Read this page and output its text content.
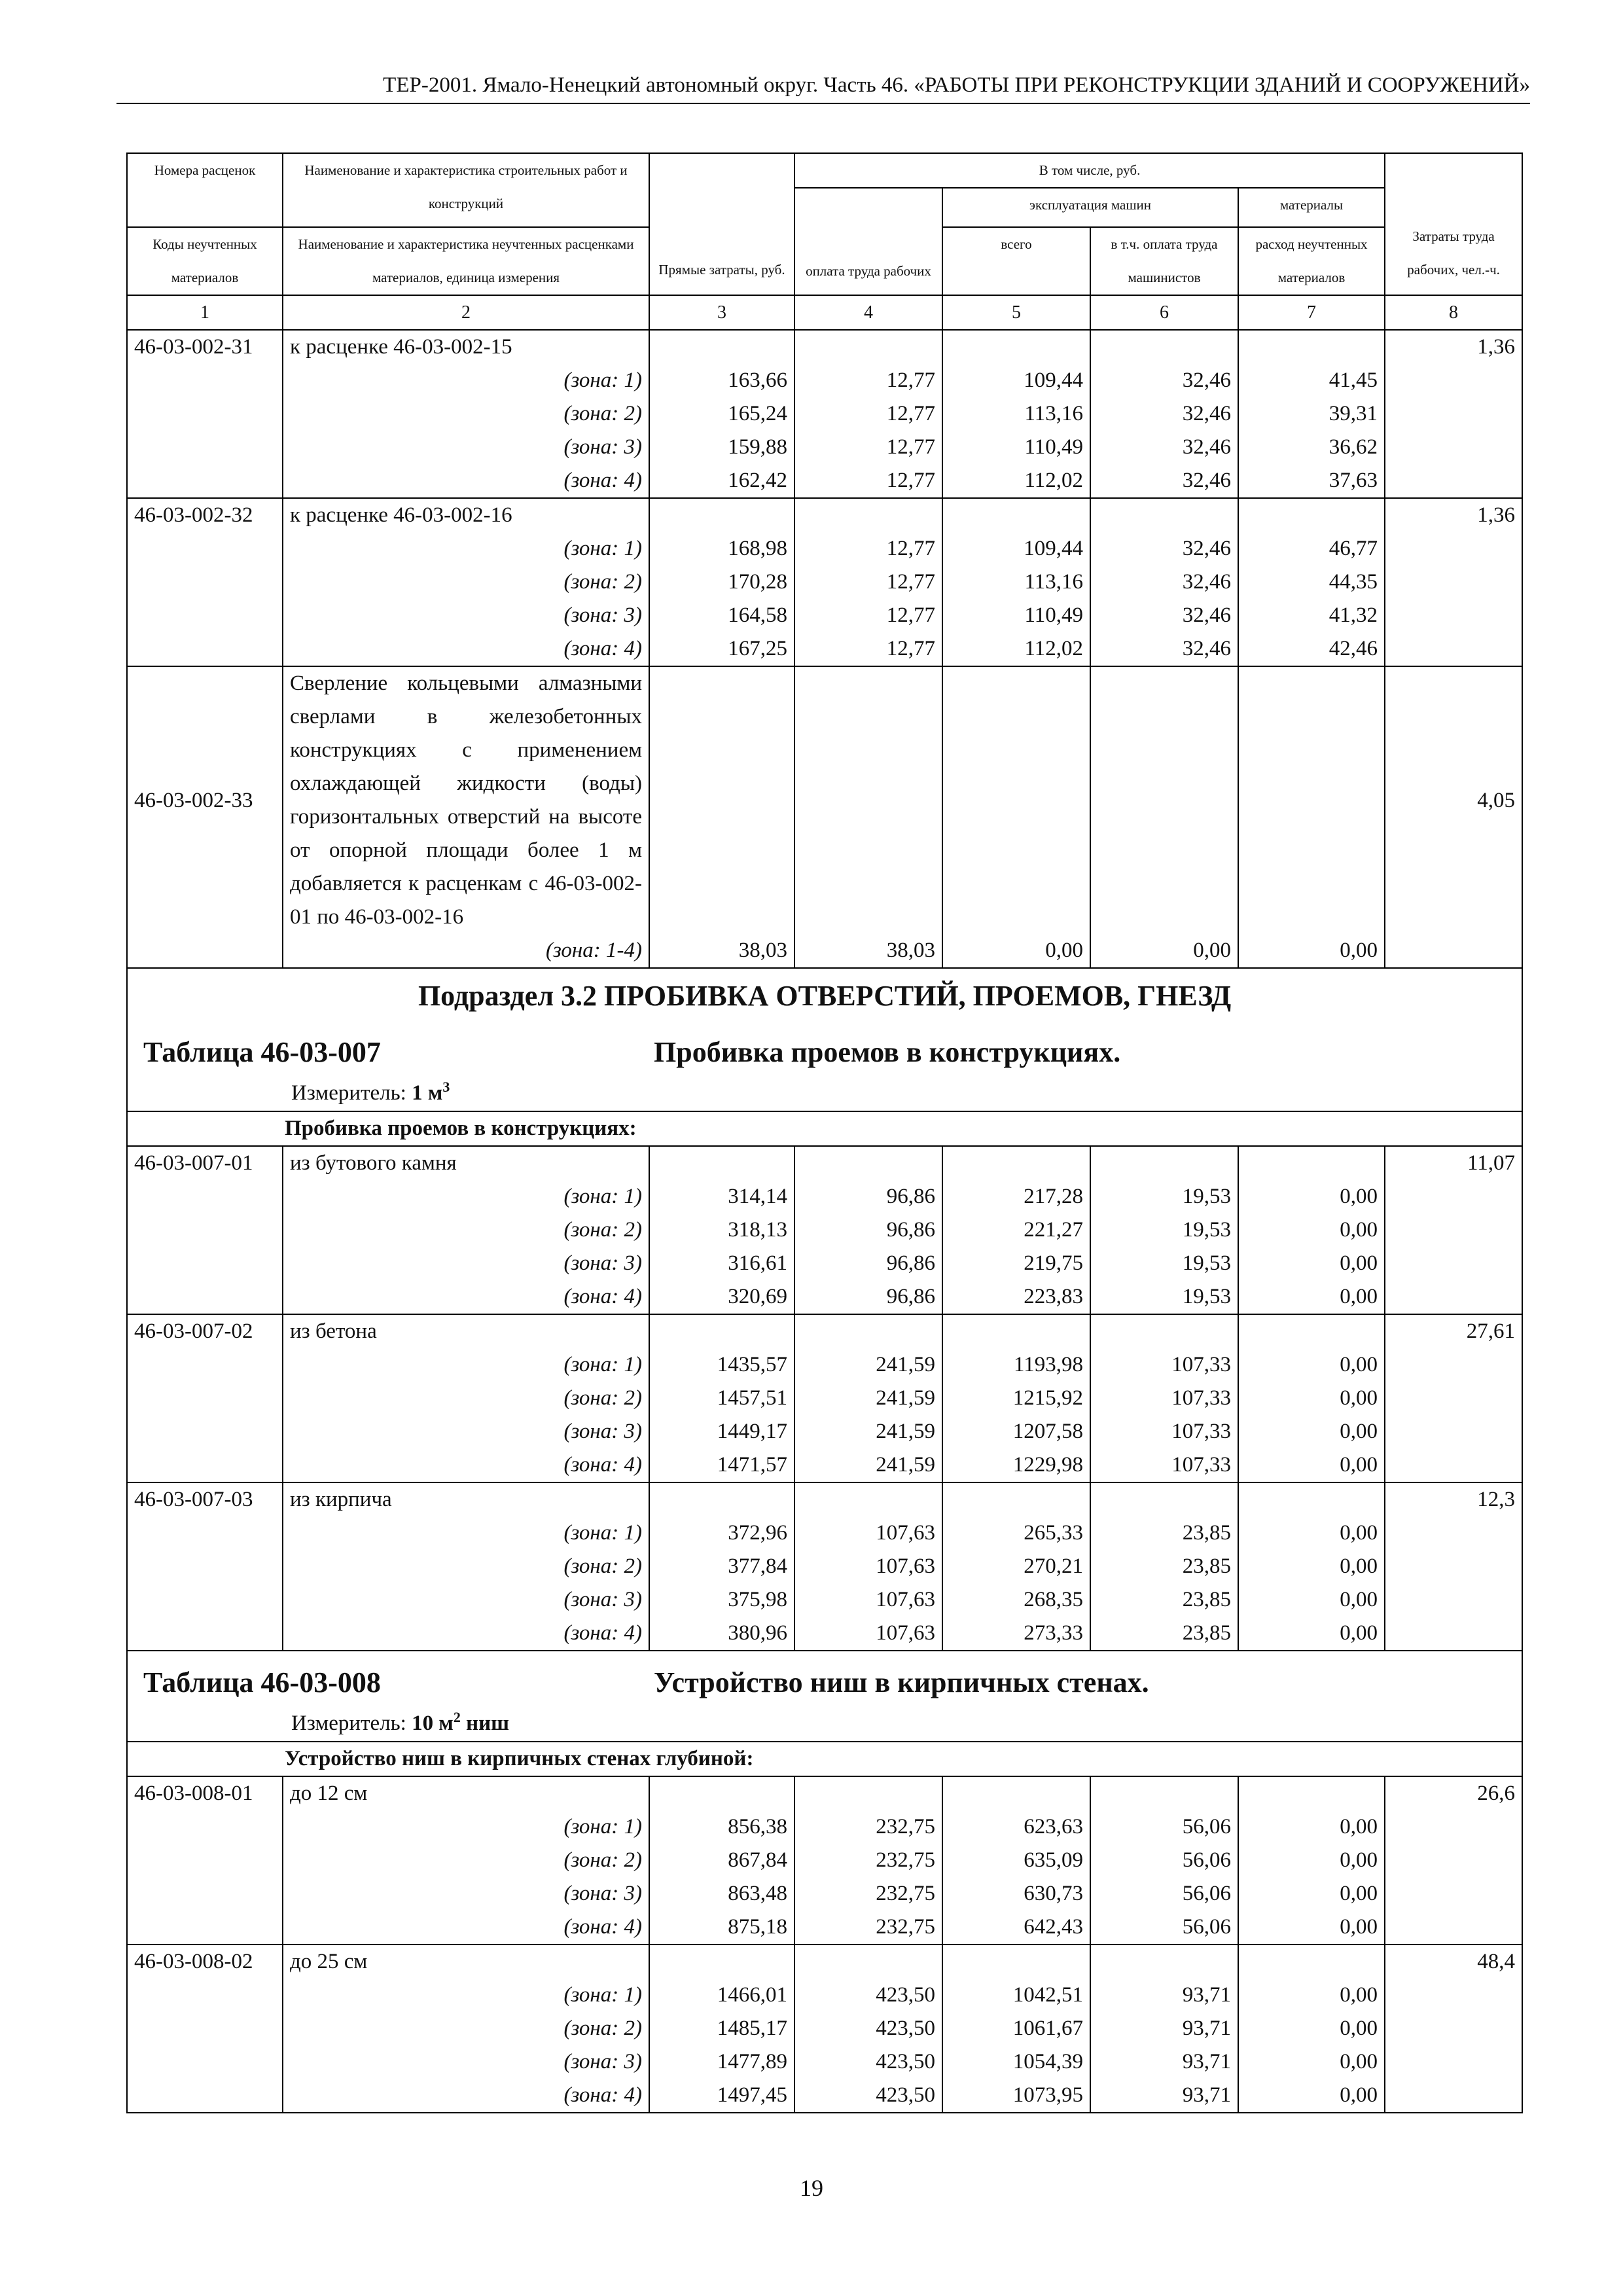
ТЕР-2001. Ямало-Ненецкий автономный округ. Часть 46. «РАБОТЫ ПРИ РЕКОНСТРУКЦИИ ЗДАНИЙ И СООРУЖЕНИЙ»
Номера расценок	Наименование и характеристика строительных работ и конструкций	Прямые затраты, руб.	В том числе, руб.				Затраты труда рабочих, чел.-ч.
			оплата труда рабочих	эксплуатация машин		материалы	
Коды неучтенных материалов	Наименование и характеристика неучтенных расценками материалов, единица измерения			всего	в т.ч. оплата труда машинистов	расход неучтенных материалов	

1	2	3	4	5	6	7	8
46-03-002-31	к расценке 46-03-002-15						1,36
	(зона: 1)	163,66	12,77	109,44	32,46	41,45	
	(зона: 2)	165,24	12,77	113,16	32,46	39,31	
	(зона: 3)	159,88	12,77	110,49	32,46	36,62	
	(зона: 4)	162,42	12,77	112,02	32,46	37,63	
46-03-002-32	к расценке 46-03-002-16						1,36
	(зона: 1)	168,98	12,77	109,44	32,46	46,77	
	(зона: 2)	170,28	12,77	113,16	32,46	44,35	
	(зона: 3)	164,58	12,77	110,49	32,46	41,32	
	(зона: 4)	167,25	12,77	112,02	32,46	42,46	
46-03-002-33	Сверление кольцевыми алмазными сверлами в железобетонных конструкциях с применением охлаждающей жидкости (воды) горизонтальных отверстий на высоте от опорной площади более 1 м добавляется к расценкам с 46-03-002-01 по 46-03-002-16						4,05
	(зона: 1-4)	38,03	38,03	0,00	0,00	0,00	

Подраздел 3.2 ПРОБИВКА ОТВЕРСТИЙ, ПРОЕМОВ, ГНЕЗД							

Таблица 46-03-007 Пробивка проемов в конструкциях.
Измеритель: 1 $м^3$

Пробивка проемов в конструкциях:							
46-03-007-01	из бутового камня						11,07
	(зона: 1)	314,14	96,86	217,28	19,53	0,00	
	(зона: 2)	318,13	96,86	221,27	19,53	0,00	
	(зона: 3)	316,61	96,86	219,75	19,53	0,00	
	(зона: 4)	320,69	96,86	223,83	19,53	0,00	
46-03-007-02	из бетона						27,61
	(зона: 1)	1435,57	241,59	1193,98	107,33	0,00	
	(зона: 2)	1457,51	241,59	1215,92	107,33	0,00	
	(зона: 3)	1449,17	241,59	1207,58	107,33	0,00	
	(зона: 4)	1471,57	241,59	1229,98	107,33	0,00	
46-03-007-03	из кирпича						12,3
	(зона: 1)	372,96	107,63	265,33	23,85	0,00	
	(зона: 2)	377,84	107,63	270,21	23,85	0,00	
	(зона: 3)	375,98	107,63	268,35	23,85	0,00	
	(зона: 4)	380,96	107,63	273,33	23,85	0,00	

Таблица 46-03-008 Устройство ниш в кирпичных стенах.
Измеритель: 10 $м^2$ ниш							

Устройство ниш в кирпичных стенах глубиной:							
46-03-008-01	до 12 см						26,6
	(зона: 1)	856,38	232,75	623,63	56,06	0,00	
	(зона: 2)	867,84	232,75	635,09	56,06	0,00	
	(зона: 3)	863,48	232,75	630,73	56,06	0,00	
	(зона: 4)	875,18	232,75	642,43	56,06	0,00	
46-03-008-02	до 25 см						48,4
	(зона: 1)	1466,01	423,50	1042,51	93,71	0,00	
	(зона: 2)	1485,17	423,50	1061,67	93,71	0,00	
	(зона: 3)	1477,89	423,50	1054,39	93,71	0,00	
	(зона: 4)	1497,45	423,50	1073,95	93,71	0,00	
19
